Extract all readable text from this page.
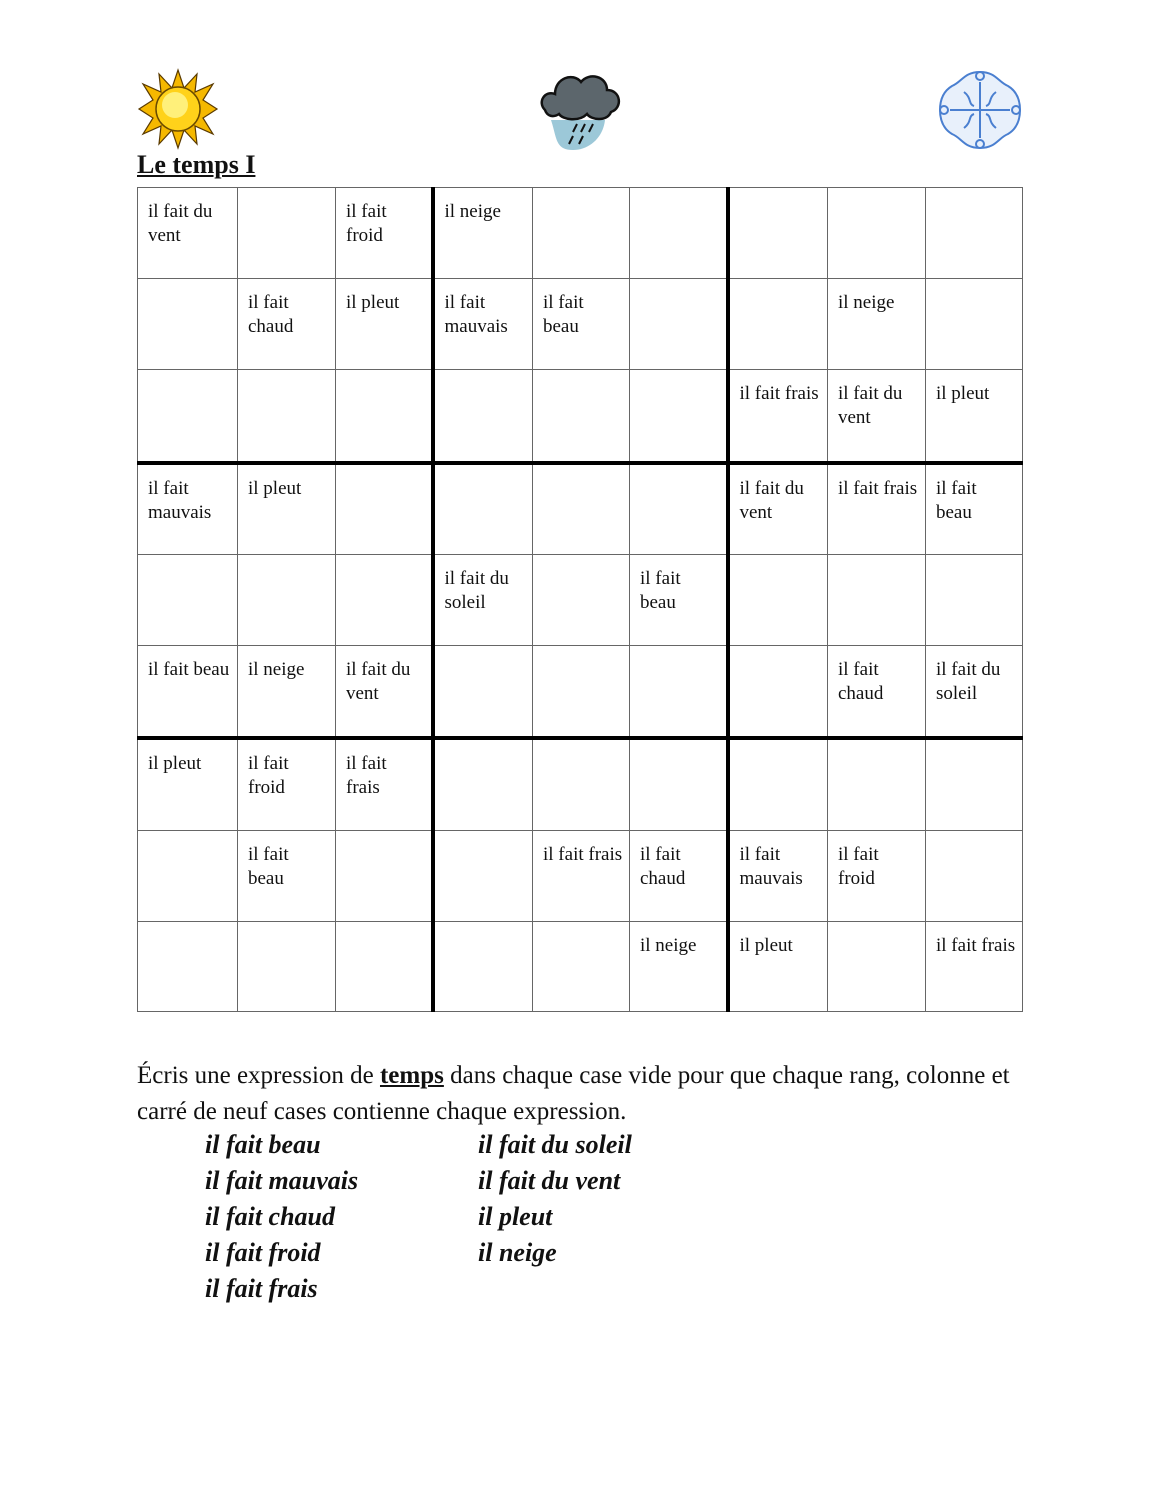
Le temps I
il fait du vent		il fait froid	il neige					
	il fait chaud	il pleut	il fait mauvais	il fait beau			il neige	
						il fait frais	il fait du vent	il pleut
il fait mauvais	il pleut					il fait du vent	il fait frais	il fait beau
			il fait du soleil		il fait beau			
il fait beau	il neige	il fait du vent					il fait chaud	il fait du soleil
il pleut	il fait froid	il fait frais						
	il fait beau			il fait frais	il fait chaud	il fait mauvais	il fait froid	
					il neige	il pleut		il fait frais
Écris une expression de temps dans chaque case vide pour que chaque rang, colonne et carré de neuf cases contienne chaque expression.
il fait beau
il fait mauvais
il fait chaud
il fait froid
il fait frais
il fait du soleil
il fait du vent
il pleut
il neige
